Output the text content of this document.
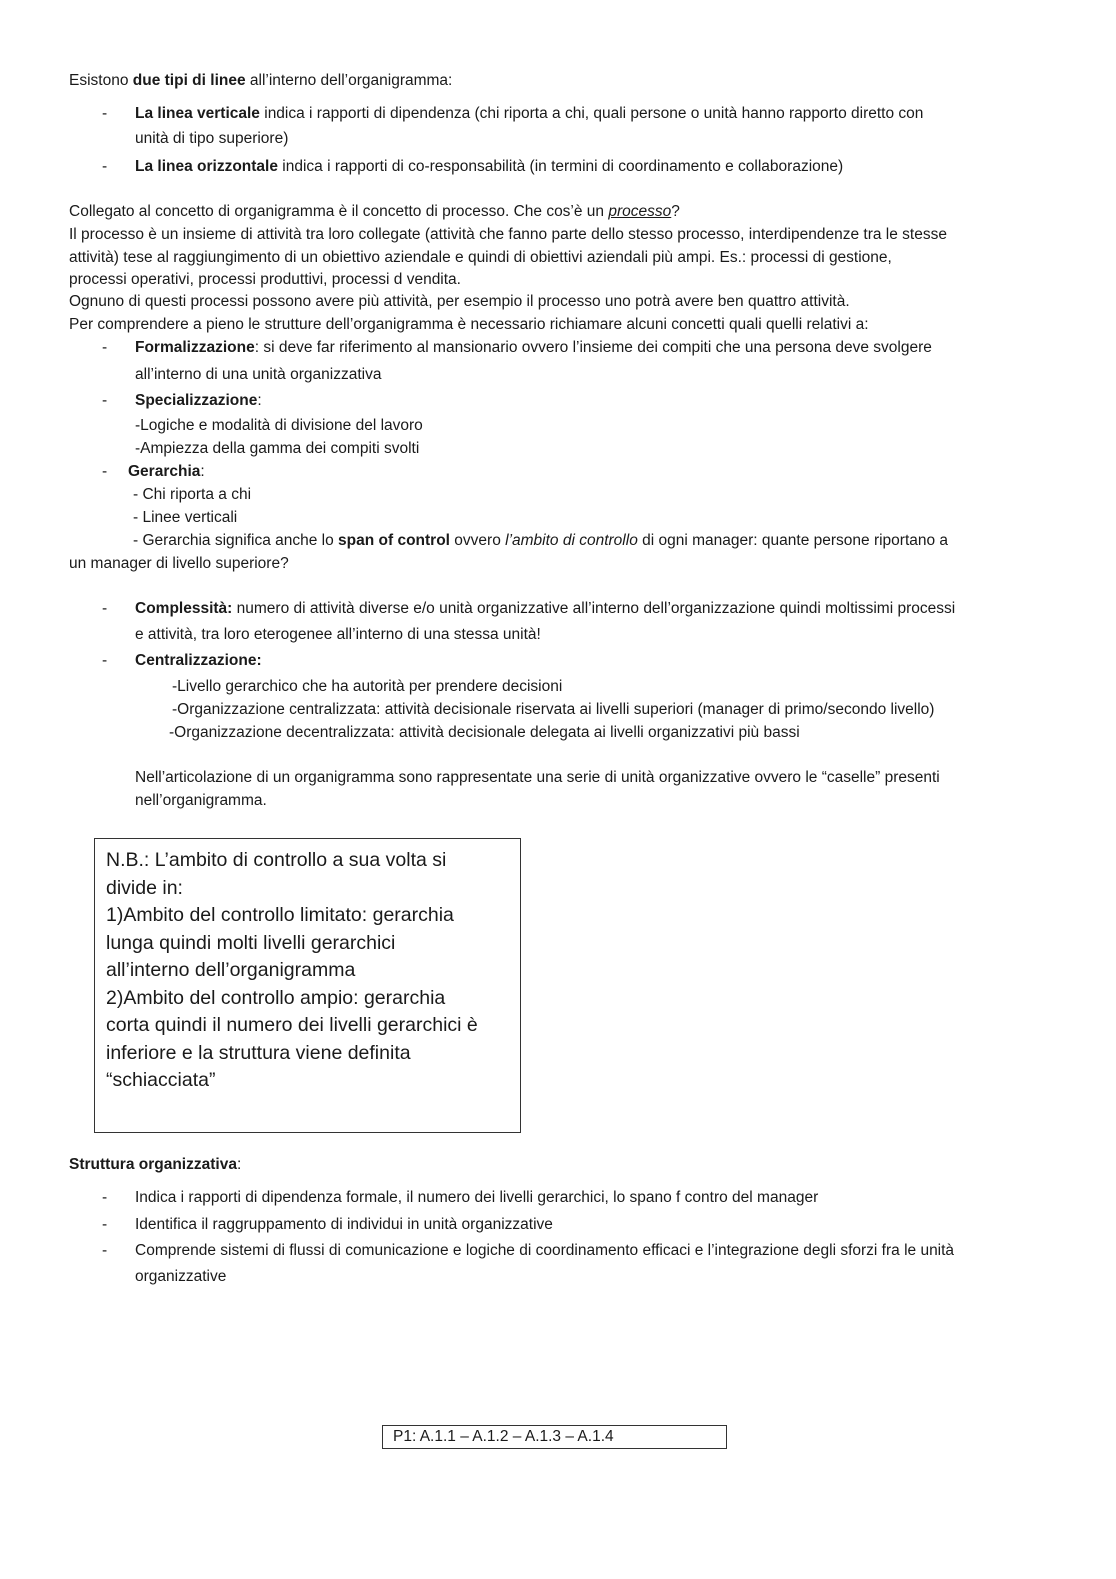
Esistono due tipi di linee all’interno dell’organigramma:
- La linea verticale indica i rapporti di dipendenza (chi riporta a chi, quali persone o unità hanno rapporto diretto con
unità di tipo superiore)
- La linea orizzontale indica i rapporti di co-responsabilità (in termini di coordinamento e collaborazione)
Collegato al concetto di organigramma è il concetto di processo. Che cos’è un processo?
Il processo è un insieme di attività tra loro collegate (attività che fanno parte dello stesso processo, interdipendenze tra le stesse
attività) tese al raggiungimento di un obiettivo aziendale e quindi di obiettivi aziendali più ampi. Es.: processi di gestione,
processi operativi, processi produttivi, processi d vendita.
Ognuno di questi processi possono avere più attività, per esempio il processo uno potrà avere ben quattro attività.
Per comprendere a pieno le strutture dell’organigramma è necessario richiamare alcuni concetti quali quelli relativi a:
- Formalizzazione: si deve far riferimento al mansionario ovvero l’insieme dei compiti che una persona deve svolgere
all’interno di una unità organizzativa
- Specializzazione:
-Logiche e modalità di divisione del lavoro
-Ampiezza della gamma dei compiti svolti
- Gerarchia:
- Chi riporta a chi
- Linee verticali
- Gerarchia significa anche lo span of control ovvero l’ambito di controllo di ogni manager: quante persone riportano a
un manager di livello superiore?
- Complessità: numero di attività diverse e/o unità organizzative all’interno dell’organizzazione quindi moltissimi processi
e attività, tra loro eterogenee all’interno di una stessa unità!
- Centralizzazione:
-Livello gerarchico che ha autorità per prendere decisioni
-Organizzazione centralizzata: attività decisionale riservata ai livelli superiori (manager di primo/secondo livello)
-Organizzazione decentralizzata: attività decisionale delegata ai livelli organizzativi più bassi
Nell’articolazione di un organigramma sono rappresentate una serie di unità organizzative ovvero le “caselle” presenti
nell’organigramma.
N.B.: L’ambito di controllo a sua volta si
divide in:
1)Ambito del controllo limitato: gerarchia
lunga quindi molti livelli gerarchici
all’interno dell’organigramma
2)Ambito del controllo ampio: gerarchia
corta quindi il numero dei livelli gerarchici è
inferiore e la struttura viene definita
“schiacciata”
Struttura organizzativa:
- Indica i rapporti di dipendenza formale, il numero dei livelli gerarchici, lo spano f contro del manager
- Identifica il raggruppamento di individui in unità organizzative
- Comprende sistemi di flussi di comunicazione e logiche di coordinamento efficaci e l’integrazione degli sforzi fra le unità
organizzative
P1: A.1.1 – A.1.2 – A.1.3 – A.1.4
